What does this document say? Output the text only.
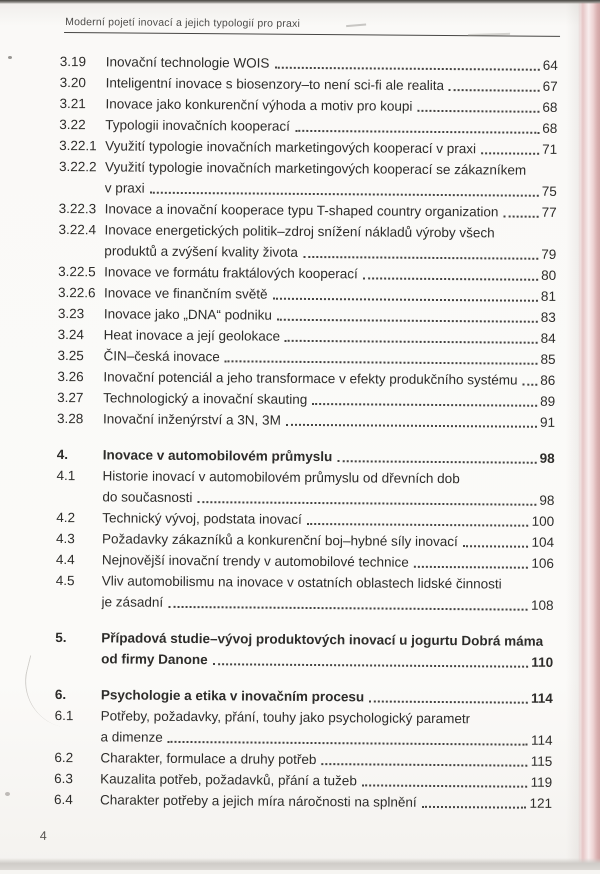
Moderní pojetí inovací a jejich typologií pro praxi
3.19	Inovační technologie WOIS	64
3.20	Inteligentní inovace s biosenzory–to není sci-fi ale realita	67
3.21	Inovace jako konkurenční výhoda a motiv pro koupi	68
3.22	Typologii inovačních kooperací	68
3.22.1 Využití typologie inovačních marketingových kooperací v praxi	71
3.22.2 Využití typologie inovačních marketingových kooperací se zákazníkem
v praxi	75
3.22.3 Inovace a inovační kooperace typu T-shaped country organization	77
3.22.4 Inovace energetických politik–zdroj snížení nákladů výroby všech
produktů a zvýšení kvality života	79
3.22.5 Inovace ve formátu fraktálových kooperací	80
3.22.6 Inovace ve finančním světě	81
3.23	Inovace jako „DNA“ podniku	83
3.24	Heat inovace a její geolokace	84
3.25	ČIN–česká inovace	85
3.26	Inovační potenciál a jeho transformace v efekty produkčního systému 86
3.27	Technologický a inovační skauting	89
3.28	Inovační inženýrství a 3N, 3M	91
4.	Inovace v automobilovém průmyslu	98
4.1	Historie inovací v automobilovém průmyslu od dřevních dob
do současnosti	98
4.2	Technický vývoj, podstata inovací	100
4.3	Požadavky zákazníků a konkurenční boj–hybné síly inovací	104
4.4	Nejnovější inovační trendy v automobilové technice	106
4.5	Vliv automobilismu na inovace v ostatních oblastech lidské činnosti
je zásadní	108
5.	Případová studie–vývoj produktových inovací u jogurtu Dobrá máma
od firmy Danone	110
6.	Psychologie a etika v inovačním procesu	114
6.1	Potřeby, požadavky, přání, touhy jako psychologický parametr
a dimenze	114
6.2	Charakter, formulace a druhy potřeb	115
6.3	Kauzalita potřeb, požadavků, přání a tužeb	119
6.4	Charakter potřeby a jejich míra náročnosti na splnění	121
4
